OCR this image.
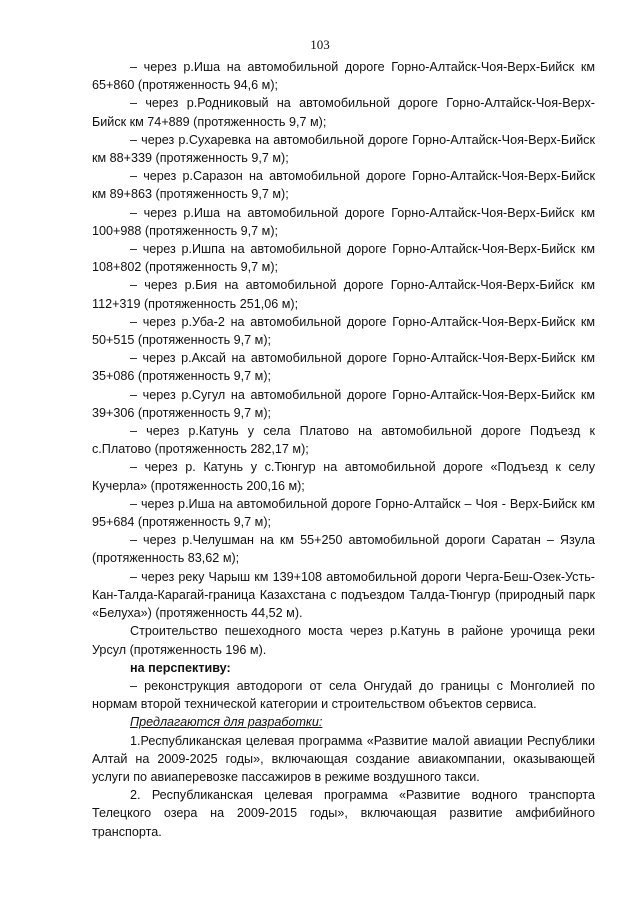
103

– через р.Иша на автомобильной дороге Горно-Алтайск-Чоя-Верх-Бийск км 65+860 (протяженность 94,6 м);

– через р.Родниковый на автомобильной дороге Горно-Алтайск-Чоя-Верх-Бийск км 74+889 (протяженность 9,7 м);

– через р.Сухаревка на автомобильной дороге Горно-Алтайск-Чоя-Верх-Бийск км 88+339 (протяженность 9,7 м);

– через р.Саразон на автомобильной дороге Горно-Алтайск-Чоя-Верх-Бийск км 89+863 (протяженность 9,7 м);

– через р.Иша на автомобильной дороге Горно-Алтайск-Чоя-Верх-Бийск км 100+988 (протяженность 9,7 м);

– через р.Ишпа на автомобильной дороге Горно-Алтайск-Чоя-Верх-Бийск км 108+802 (протяженность 9,7 м);

– через р.Бия на автомобильной дороге Горно-Алтайск-Чоя-Верх-Бийск км 112+319 (протяженность 251,06 м);

– через р.Уба-2 на автомобильной дороге Горно-Алтайск-Чоя-Верх-Бийск км 50+515 (протяженность 9,7 м);

– через р.Аксай на автомобильной дороге Горно-Алтайск-Чоя-Верх-Бийск км 35+086 (протяженность 9,7 м);

– через р.Сугул на автомобильной дороге Горно-Алтайск-Чоя-Верх-Бийск км 39+306 (протяженность 9,7 м);

– через р.Катунь у села Платово на автомобильной дороге Подъезд к с.Платово (протяженность 282,17 м);

– через р. Катунь у с.Тюнгур на автомобильной дороге «Подъезд к селу Кучерла» (протяженность 200,16 м);

– через р.Иша на автомобильной дороге Горно-Алтайск – Чоя - Верх-Бийск км 95+684 (протяженность 9,7 м);

– через р.Челушман на км 55+250 автомобильной дороги Саратан – Язула (протяженность 83,62 м);

– через реку Чарыш км 139+108 автомобильной дороги Черга-Беш-Озек-Усть-Кан-Талда-Карагай-граница Казахстана с подъездом Талда-Тюнгур (природный парк «Белуха») (протяженность 44,52 м).

Строительство пешеходного моста через р.Катунь в районе урочища реки Урсул (протяженность 196 м).

на перспективу:

– реконструкция автодороги от села Онгудай до границы с Монголией по нормам второй технической категории и строительством объектов сервиса.

Предлагаются для разработки:

1.Республиканская целевая программа «Развитие малой авиации Республики Алтай на 2009-2025 годы», включающая создание авиакомпании, оказывающей услуги по авиаперевозке пассажиров в режиме воздушного такси.

2. Республиканская целевая программа «Развитие водного транспорта Телецкого озера на 2009-2015 годы», включающая развитие амфибийного транспорта.
